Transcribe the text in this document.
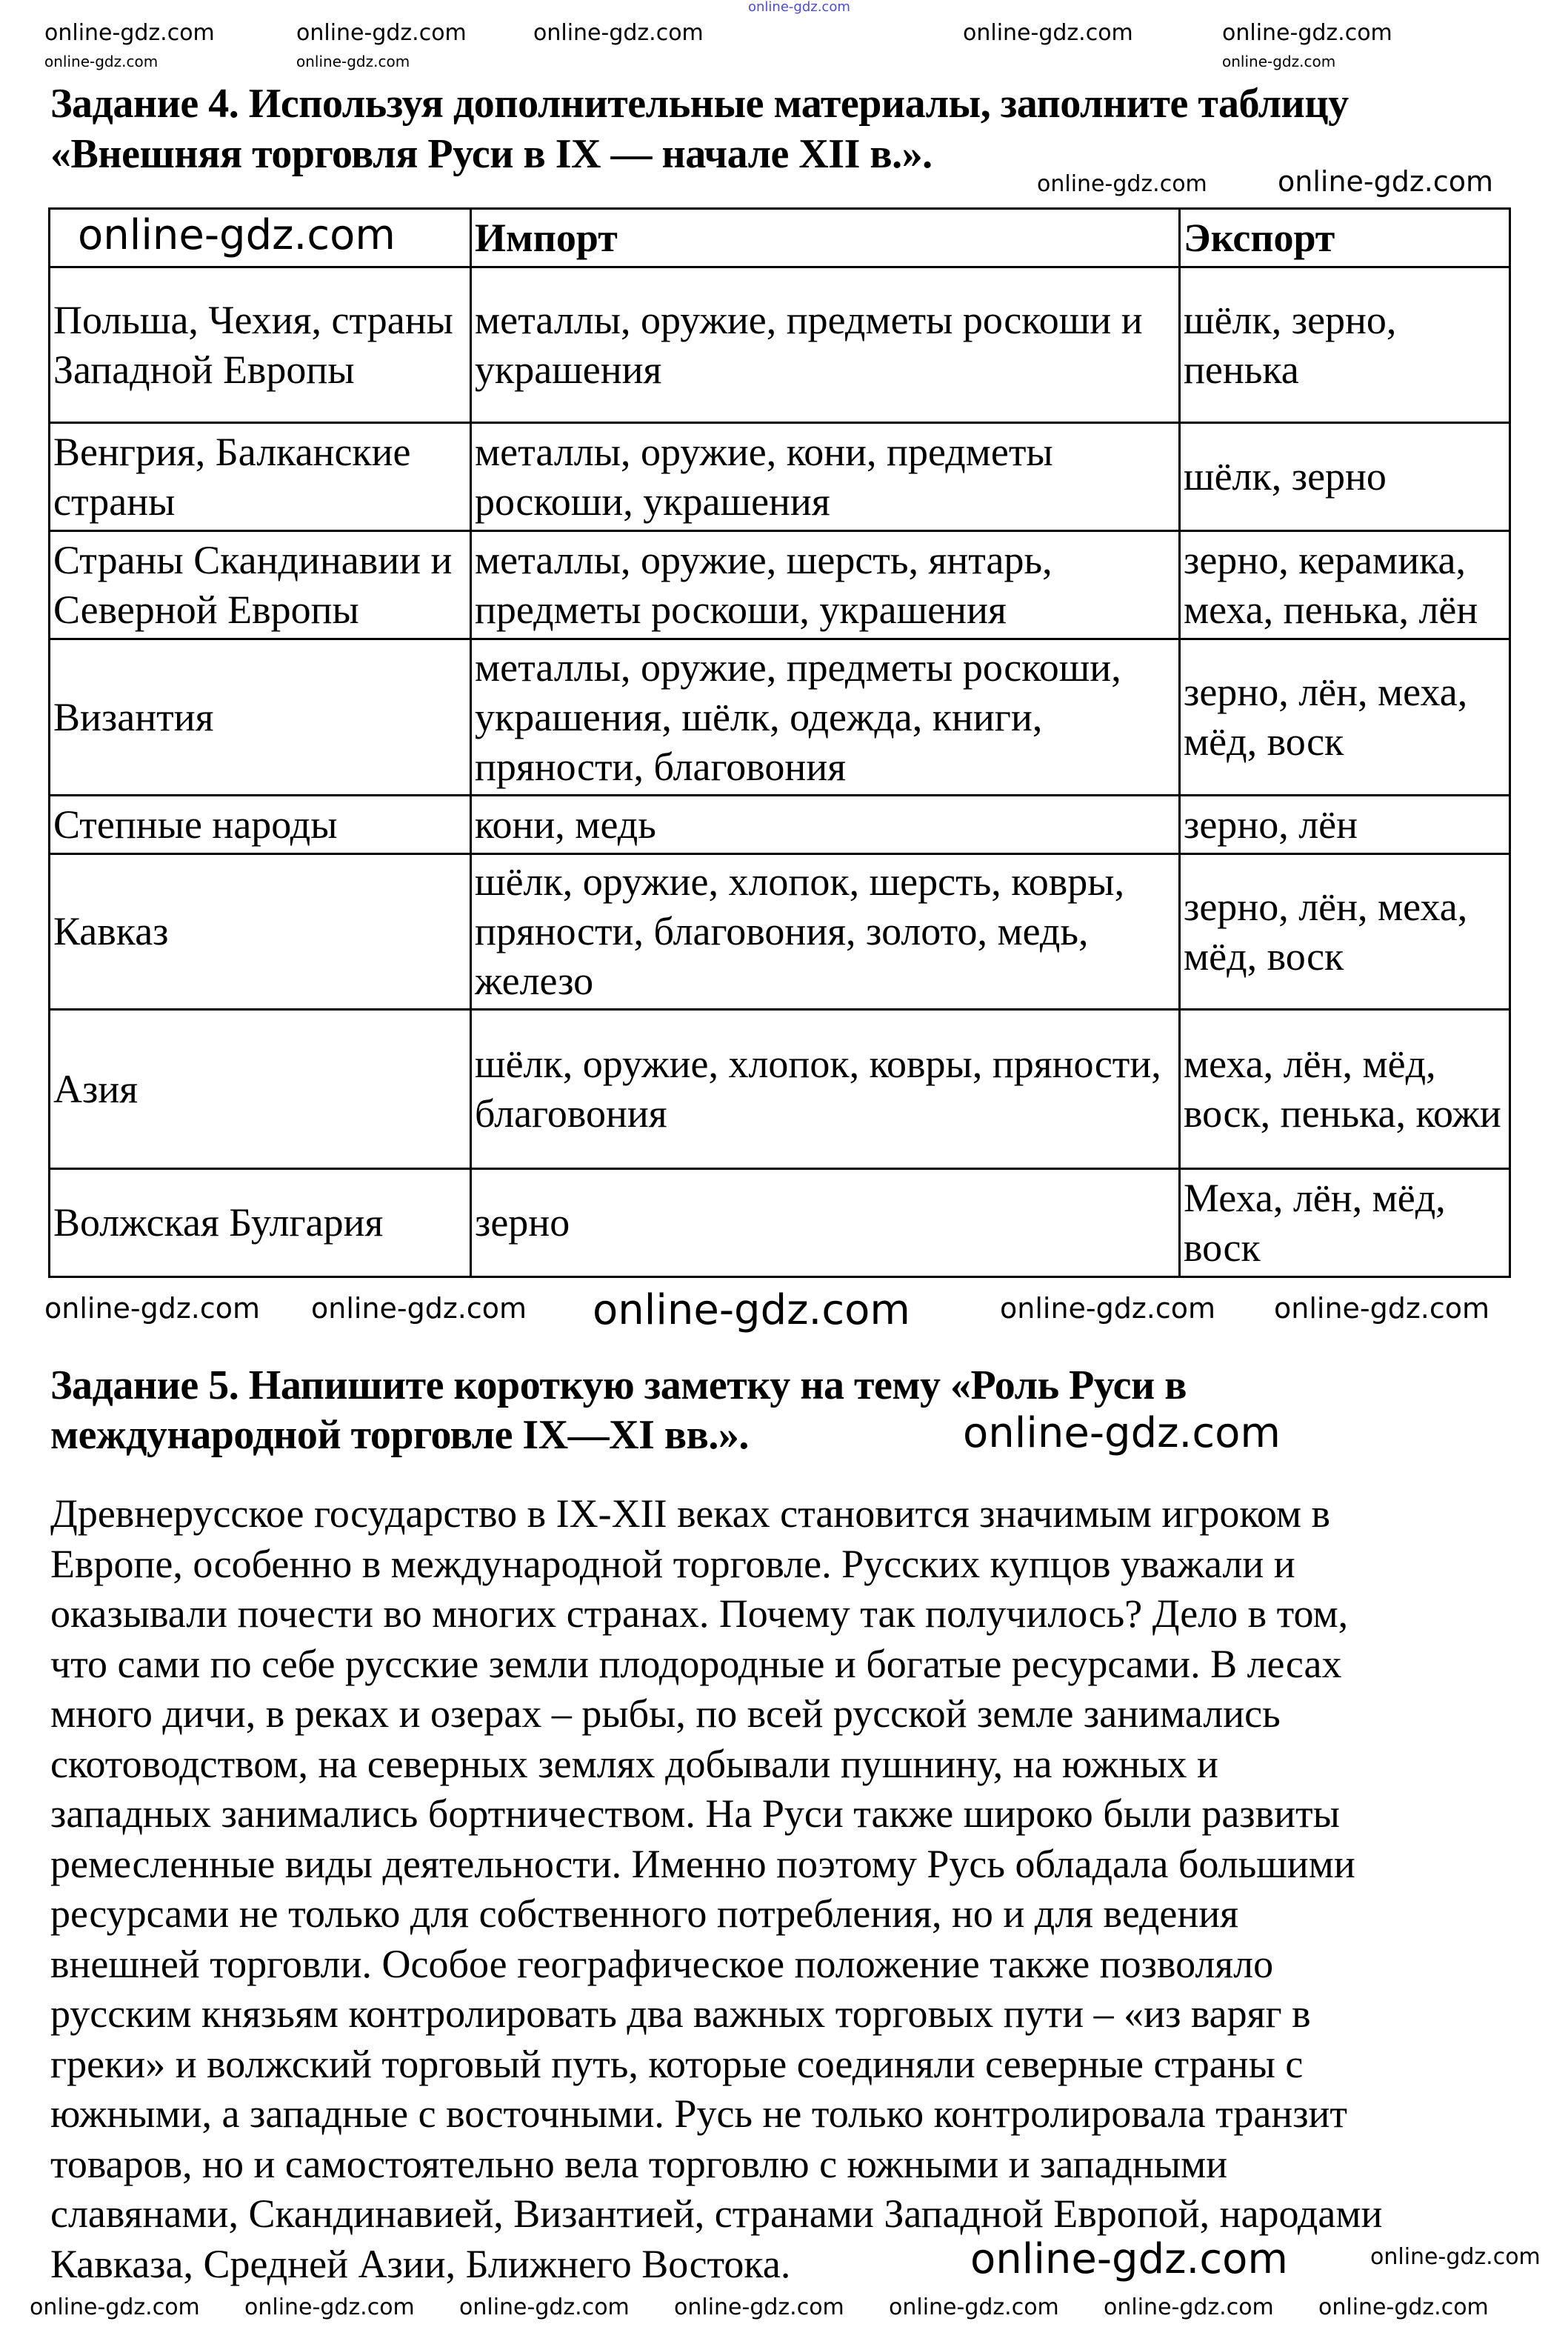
Задание 4. Используя дополнительные материалы, заполните таблицу
«Внешняя торговля Руси в IX — начале XII в.».
	Импорт	Экспорт
Польша, Чехия, страны Западной Европы	металлы, оружие, предметы роскоши и украшения	шёлк, зерно, пенька
Венгрия, Балканские страны	металлы, оружие, кони, предметы роскоши, украшения	шёлк, зерно
Страны Скандинавии и Северной Европы	металлы, оружие, шерсть, янтарь, предметы роскоши, украшения	зерно, керамика, меха, пенька, лён
Византия	металлы, оружие, предметы роскоши, украшения, шёлк, одежда, книги, пряности, благовония	зерно, лён, меха, мёд, воск
Степные народы	кони, медь	зерно, лён
Кавказ	шёлк, оружие, хлопок, шерсть, ковры, пряности, благовония, золото, медь, железо	зерно, лён, меха, мёд, воск
Азия	шёлк, оружие, хлопок, ковры, пряности, благовония	меха, лён, мёд, воск, пенька, кожи
Волжская Булгария	зерно	Меха, лён, мёд, воск
Задание 5. Напишите короткую заметку на тему «Роль Руси в
международной торговле IX—XI вв.».
Древнерусское государство в IX-XII веках становится значимым игроком в
Европе, особенно в международной торговле. Русских купцов уважали и
оказывали почести во многих странах. Почему так получилось? Дело в том,
что сами по себе русские земли плодородные и богатые ресурсами. В лесах
много дичи, в реках и озерах – рыбы, по всей русской земле занимались
скотоводством, на северных землях добывали пушнину, на южных и
западных занимались бортничеством. На Руси также широко были развиты
ремесленные виды деятельности. Именно поэтому Русь обладала большими
ресурсами не только для собственного потребления, но и для ведения
внешней торговли. Особое географическое положение также позволяло
русским князьям контролировать два важных торговых пути – «из варяг в
греки» и волжский торговый путь, которые соединяли северные страны с
южными, а западные с восточными. Русь не только контролировала транзит
товаров, но и самостоятельно вела торговлю с южными и западными
славянами, Скандинавией, Византией, странами Западной Европой, народами
Кавказа, Средней Азии, Ближнего Востока.
online-gdz.com
online-gdz.com	online-gdz.com	online-gdz.com	online-gdz.com	online-gdz.com
online-gdz.com	online-gdz.com	online-gdz.com
online-gdz.com	online-gdz.com
online-gdz.com
online-gdz.com online-gdz.com online-gdz.com	online-gdz.com online-gdz.com
online-gdz.com
online-gdz.com	online-gdz.com
online-gdz.com online-gdz.com online-gdz.com online-gdz.com online-gdz.com online-gdz.com online-gdz.com
